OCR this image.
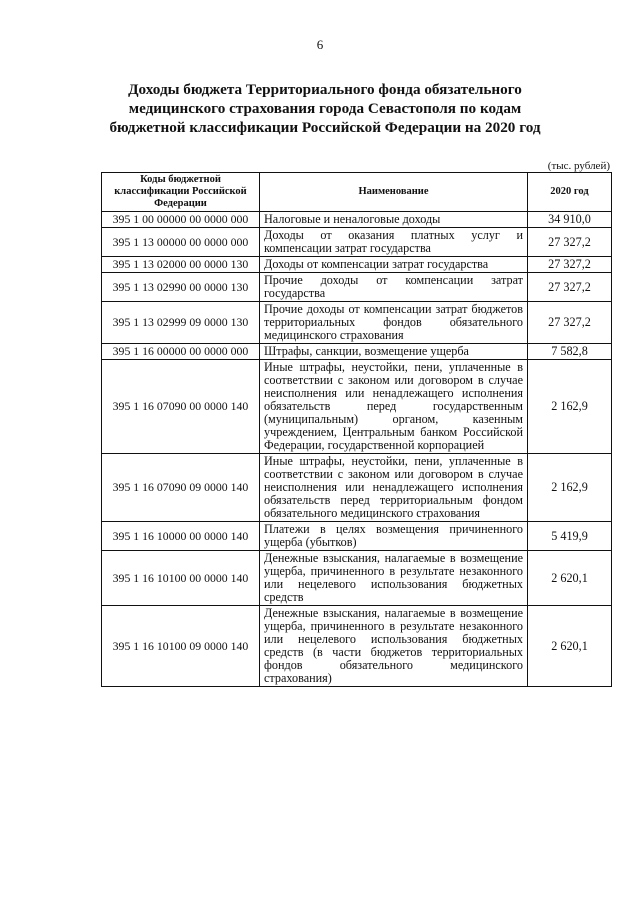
6
Доходы бюджета Территориального фонда обязательного медицинского страхования города Севастополя по кодам бюджетной классификации Российской Федерации на 2020 год
(тыс. рублей)
Коды бюджетной классификации Российской Федерации	Наименование	2020 год
395 1 00 00000 00 0000 000	Налоговые и неналоговые доходы	34 910,0
395 1 13 00000 00 0000 000	Доходы от оказания платных услуг и компенсации затрат государства	27 327,2
395 1 13 02000 00 0000 130	Доходы от компенсации затрат государства	27 327,2
395 1 13 02990 00 0000 130	Прочие доходы от компенсации затрат государства	27 327,2
395 1 13 02999 09 0000 130	Прочие доходы от компенсации затрат бюджетов территориальных фондов обязательного медицинского страхования	27 327,2
395 1 16 00000 00 0000 000	Штрафы, санкции, возмещение ущерба	7 582,8
395 1 16 07090 00 0000 140	Иные штрафы, неустойки, пени, уплаченные в соответствии с законом или договором в случае неисполнения или ненадлежащего исполнения обязательств перед государственным (муниципальным) органом, казенным учреждением, Центральным банком Российской Федерации, государственной корпорацией	2 162,9
395 1 16 07090 09 0000 140	Иные штрафы, неустойки, пени, уплаченные в соответствии с законом или договором в случае неисполнения или ненадлежащего исполнения обязательств перед территориальным фондом обязательного медицинского страхования	2 162,9
395 1 16 10000 00 0000 140	Платежи в целях возмещения причиненного ущерба (убытков)	5 419,9
395 1 16 10100 00 0000 140	Денежные взыскания, налагаемые в возмещение ущерба, причиненного в результате незаконного или нецелевого использования бюджетных средств	2 620,1
395 1 16 10100 09 0000 140	Денежные взыскания, налагаемые в возмещение ущерба, причиненного в результате незаконного или нецелевого использования бюджетных средств (в части бюджетов территориальных фондов обязательного медицинского страхования)	2 620,1
